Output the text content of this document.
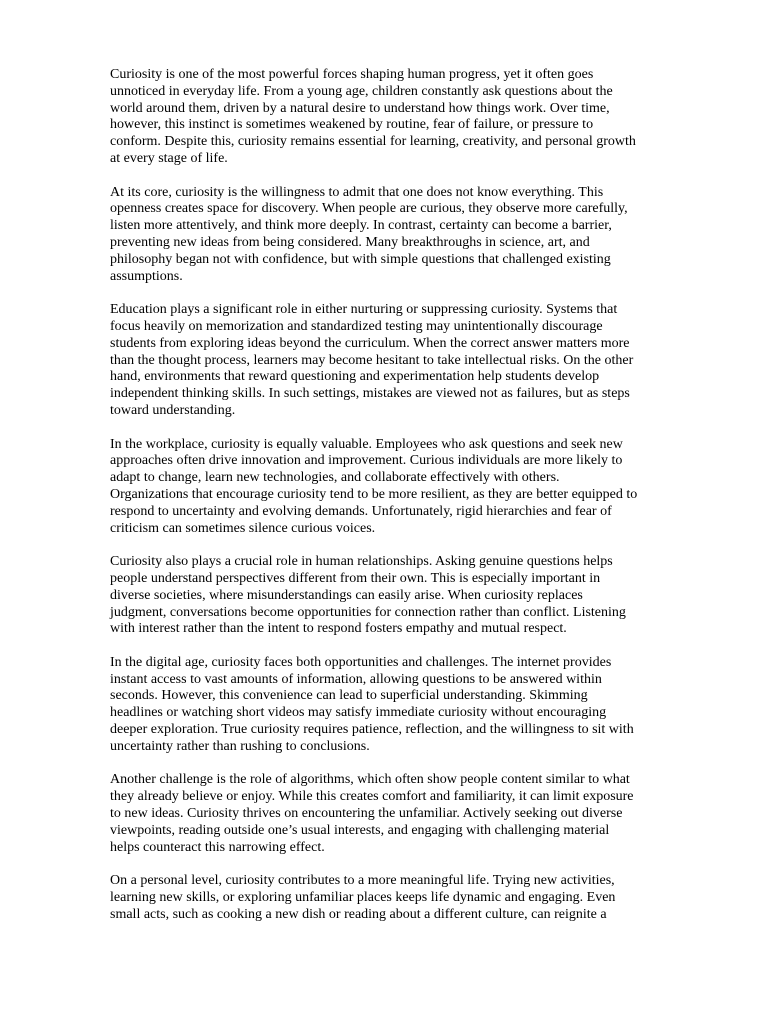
Curiosity is one of the most powerful forces shaping human progress, yet it often goes
unnoticed in everyday life. From a young age, children constantly ask questions about the
world around them, driven by a natural desire to understand how things work. Over time,
however, this instinct is sometimes weakened by routine, fear of failure, or pressure to
conform. Despite this, curiosity remains essential for learning, creativity, and personal growth
at every stage of life.

At its core, curiosity is the willingness to admit that one does not know everything. This
openness creates space for discovery. When people are curious, they observe more carefully,
listen more attentively, and think more deeply. In contrast, certainty can become a barrier,
preventing new ideas from being considered. Many breakthroughs in science, art, and
philosophy began not with confidence, but with simple questions that challenged existing
assumptions.

Education plays a significant role in either nurturing or suppressing curiosity. Systems that
focus heavily on memorization and standardized testing may unintentionally discourage
students from exploring ideas beyond the curriculum. When the correct answer matters more
than the thought process, learners may become hesitant to take intellectual risks. On the other
hand, environments that reward questioning and experimentation help students develop
independent thinking skills. In such settings, mistakes are viewed not as failures, but as steps
toward understanding.

In the workplace, curiosity is equally valuable. Employees who ask questions and seek new
approaches often drive innovation and improvement. Curious individuals are more likely to
adapt to change, learn new technologies, and collaborate effectively with others.
Organizations that encourage curiosity tend to be more resilient, as they are better equipped to
respond to uncertainty and evolving demands. Unfortunately, rigid hierarchies and fear of
criticism can sometimes silence curious voices.

Curiosity also plays a crucial role in human relationships. Asking genuine questions helps
people understand perspectives different from their own. This is especially important in
diverse societies, where misunderstandings can easily arise. When curiosity replaces
judgment, conversations become opportunities for connection rather than conflict. Listening
with interest rather than the intent to respond fosters empathy and mutual respect.

In the digital age, curiosity faces both opportunities and challenges. The internet provides
instant access to vast amounts of information, allowing questions to be answered within
seconds. However, this convenience can lead to superficial understanding. Skimming
headlines or watching short videos may satisfy immediate curiosity without encouraging
deeper exploration. True curiosity requires patience, reflection, and the willingness to sit with
uncertainty rather than rushing to conclusions.

Another challenge is the role of algorithms, which often show people content similar to what
they already believe or enjoy. While this creates comfort and familiarity, it can limit exposure
to new ideas. Curiosity thrives on encountering the unfamiliar. Actively seeking out diverse
viewpoints, reading outside one’s usual interests, and engaging with challenging material
helps counteract this narrowing effect.

On a personal level, curiosity contributes to a more meaningful life. Trying new activities,
learning new skills, or exploring unfamiliar places keeps life dynamic and engaging. Even
small acts, such as cooking a new dish or reading about a different culture, can reignite a
